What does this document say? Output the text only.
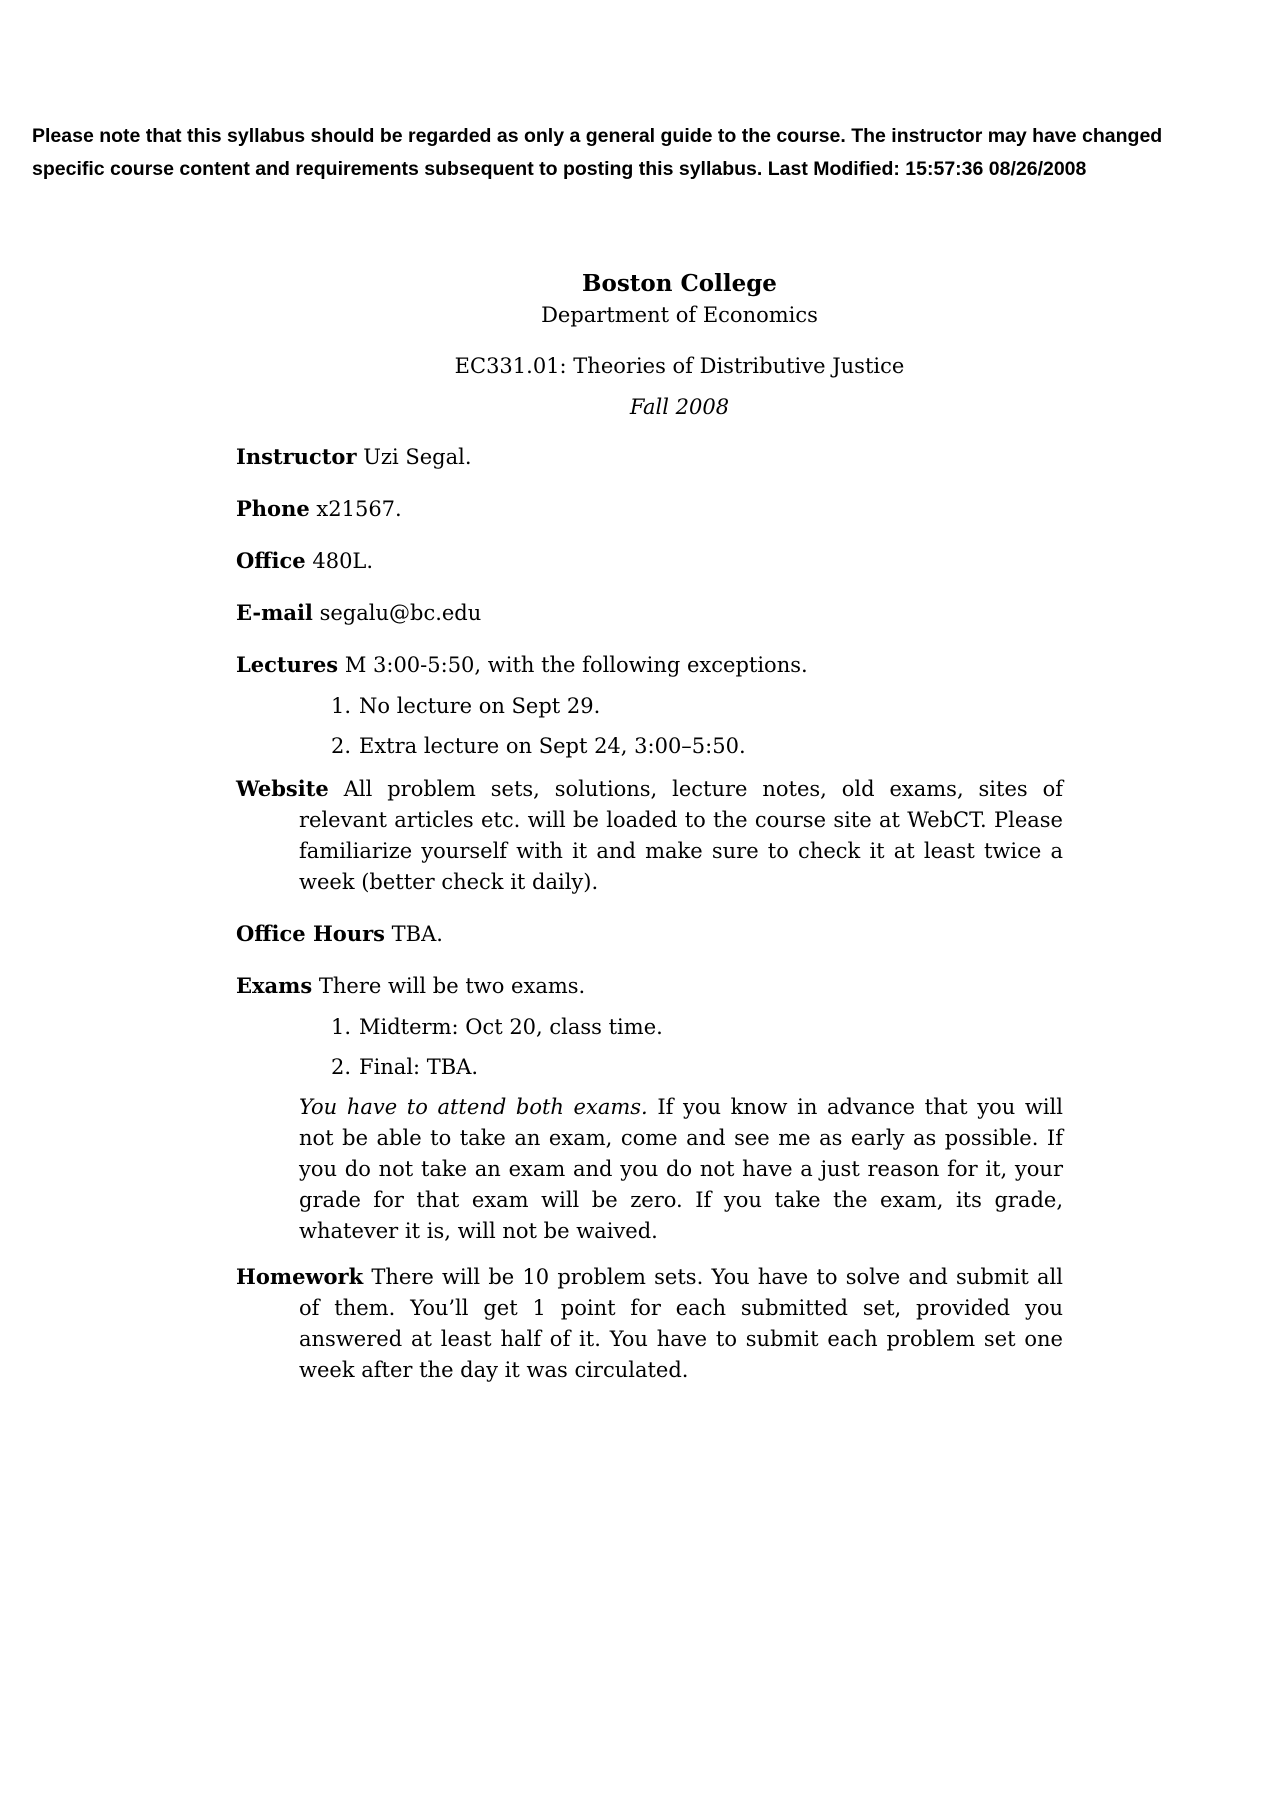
Please note that this syllabus should be regarded as only a general guide to the course. The instructor may have changed
specific course content and requirements subsequent to posting this syllabus. Last Modified: 15:57:36 08/26/2008
Boston College
Department of Economics
EC331.01: Theories of Distributive Justice
Fall 2008

Instructor Uzi Segal.

Phone x21567.

Office 480L.

E-mail segalu@bc.edu

Lectures M 3:00-5:50, with the following exceptions.

1. No lecture on Sept 29.
2. Extra lecture on Sept 24, 3:00–5:50.

Website All problem sets, solutions, lecture notes, old exams, sites of relevant articles etc. will be loaded to the course site at WebCT. Please familiarize yourself with it and make sure to check it at least twice a week (better check it daily).

Office Hours TBA.

Exams There will be two exams.

1. Midterm: Oct 20, class time.
2. Final: TBA.

You have to attend both exams. If you know in advance that you will not be able to take an exam, come and see me as early as possible. If you do not take an exam and you do not have a just reason for it, your grade for that exam will be zero. If you take the exam, its grade, whatever it is, will not be waived.

Homework There will be 10 problem sets. You have to solve and submit all of them. You’ll get 1 point for each submitted set, provided you answered at least half of it. You have to submit each problem set one week after the day it was circulated.
